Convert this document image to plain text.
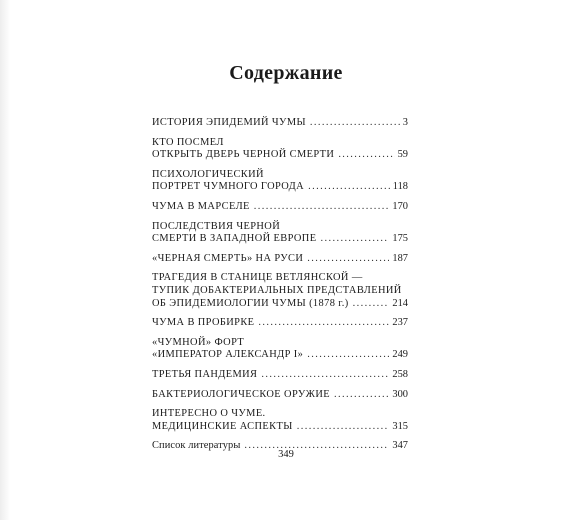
Содержание
ИСТОРИЯ ЭПИДЕМИЙ ЧУМЫ .....	3
КТО ПОСМЕЛ
ОТКРЫТЬ ДВЕРЬ ЧЕРНОЙ СМЕРТИ .....	59
ПСИХОЛОГИЧЕСКИЙ
ПОРТРЕТ ЧУМНОГО ГОРОДА .....	118
ЧУМА В МАРСЕЛЕ .....	170
ПОСЛЕДСТВИЯ ЧЕРНОЙ
СМЕРТИ В ЗАПАДНОЙ ЕВРОПЕ .....	175
«ЧЕРНАЯ СМЕРТЬ» НА РУСИ .....	187
ТРАГЕДИЯ В СТАНИЦЕ ВЕТЛЯНСКОЙ —
ТУПИК ДОБАКТЕРИАЛЬНЫХ ПРЕДСТАВЛЕНИЙ
ОБ ЭПИДЕМИОЛОГИИ ЧУМЫ (1878 г.) .....	214
ЧУМА В ПРОБИРКЕ .....	237
«ЧУМНОЙ» ФОРТ
«ИМПЕРАТОР АЛЕКСАНДР I» .....	249
ТРЕТЬЯ ПАНДЕМИЯ .....	258
БАКТЕРИОЛОГИЧЕСКОЕ ОРУЖИЕ .....	300
ИНТЕРЕСНО О ЧУМЕ.
МЕДИЦИНСКИЕ АСПЕКТЫ .....	315
Список литературы .....	347
349
